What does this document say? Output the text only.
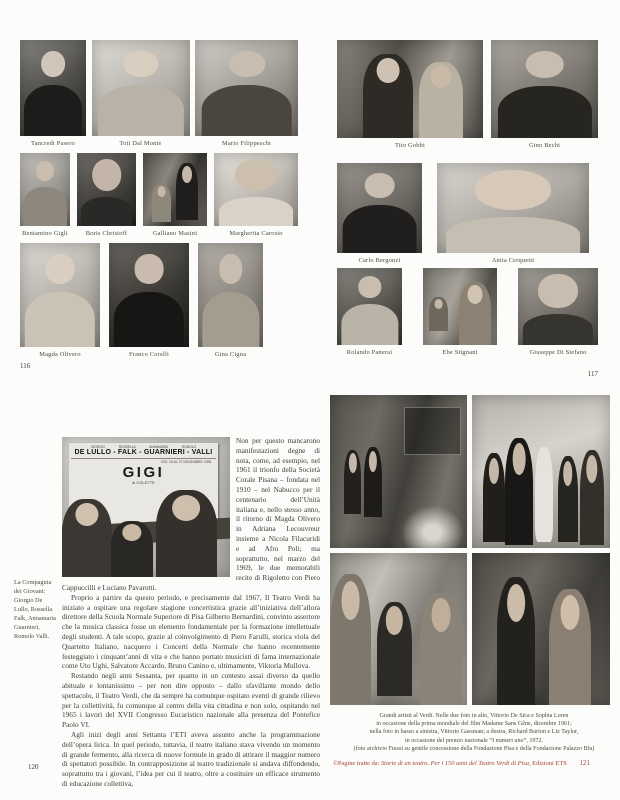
Tancredi Pasero	Toti Dal Monte	Mario Filippeschi
Beniamino Gigli	Boris Christoff	Galliano Masini	Margherita Carosio
Magda Olivero	Franco Corelli	Gina Cigna
116
Tito Gobbi	Gino Bechi
Carlo Bergonzi	Anita Cerquetti
Rolando Panerai	Ebe Stignani	Giuseppe Di Stefano
117
GIORGIO ROSSELLA ANNAMARIA ROMOLO
DE LULLO - FALK - GUARNIERI - VALLI
GIO. 24 AL 27 NOVEMBRE 1955
GIGI
di COLETTE

Non per questo mancarono manifestazioni degne di nota, come, ad esempio, nel 1961 il trionfo della Società Corale Pisana – fondata nel 1910 – nel Nabucco per il centenario dell’Unità italiana e, nello stesso anno, il ritorno di Magda Olivero in Adriana Lecouvreur insieme a Nicola Filacuridi e ad Afro Poli; ma soprattutto, nel marzo del 1969, le due memorabili recite di Rigoletto con Piero Cappuccilli e Luciano Pavarotti.

Proprio a partire da questo periodo, e precisamente dal 1967, Il Teatro Verdi ha iniziato a ospitare una regolare stagione concertistica grazie all’iniziativa dell’allora direttore della Scuola Normale Superiore di Pisa Gilberto Bernardini, convinto assertore che la musica classica fosse un elemento fondamentale per la formazione intellettuale degli studenti. A tale scopo, grazie al coinvolgimento di Piero Farulli, storica viola del Quartetto Italiano, nacquero i Concerti della Normale che hanno recentemente festeggiato i cinquant’anni di vita e che hanno portato musicisti di fama internazionale come Uto Ughi, Salvatore Accardo, Bruno Canino e, ultimamente, Viktoria Mullova.

Restando negli anni Sessanta, per quanto in un contesto assai diverso da quello abituale e lontanissimo – per non dire opposto – dallo sfavillante mondo dello spettacolo, il Teatro Verdi, che da sempre ha comunque ospitato eventi di grande rilievo per la collettività, fu comunque al centro della vita cittadina e non solo, ospitando nel 1965 i lavori del XVII Congresso Eucaristico nazionale alla presenza del Pontefice Paolo VI.

Agli inizi degli anni Settanta l’ETI aveva assunto anche la programmazione dell’opera lirica. In quel periodo, tuttavia, il teatro italiano stava vivendo un momento di grande fermento, alla ricerca di nuove formule in grado di attirare il maggior numero di spettatori possibile. In contrapposizione al teatro tradizionale si andava diffondendo, soprattutto tra i giovani, l’idea per cui il teatro, oltre a costituire un efficace strumento di educazione collettiva,

La Compagnia dei Giovani: Giorgio De Lullo, Rossella Falk, Annamaria Guarnieri, Romolo Valli.
120
Grandi artisti al Verdi. Nelle due foto in alto, Vittorio De Sica e Sophia Loren
in occasione della prima mondiale del film Madame Sans Gêne, dicembre 1961;
nella foto in basso a sinistra, Vittorio Gassman; a destra, Richard Burton e Liz Taylor,
in occasione del premio nazionale “I numeri uno”, 1972.
(foto archivio Frassi su gentile concessione della Fondazione Pisa e della Fondazione Palazzo Blu)
©Pagine tratte da: Storie di un teatro. Per i 150 anni del Teatro Verdi di Pisa, Edizioni ETS 121
